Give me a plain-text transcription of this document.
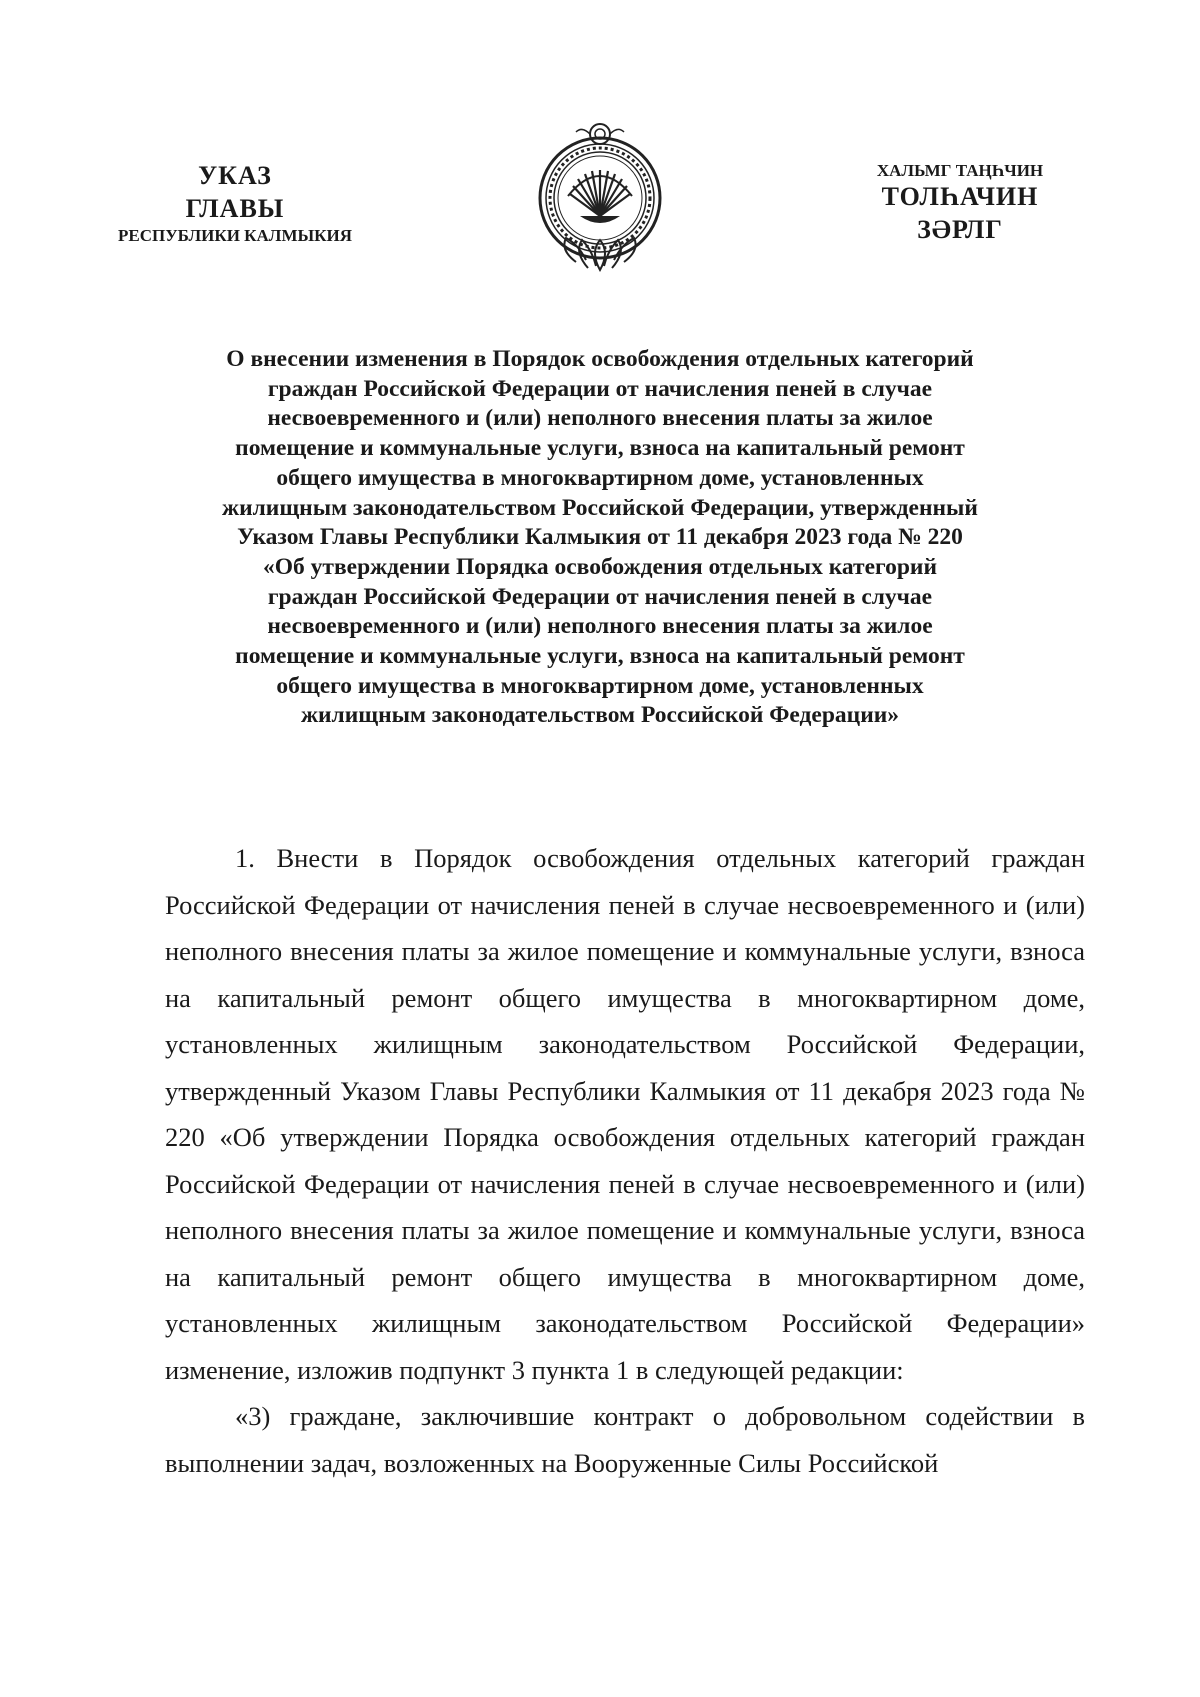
УКАЗ
ГЛАВЫ
РЕСПУБЛИКИ КАЛМЫКИЯ
ХАЛЬМГ ТАҢҺЧИН
ТОЛҺАЧИН
ЗӘРЛГ
О внесении изменения в Порядок освобождения отдельных категорий
граждан Российской Федерации от начисления пеней в случае
несвоевременного и (или) неполного внесения платы за жилое
помещение и коммунальные услуги, взноса на капитальный ремонт
общего имущества в многоквартирном доме, установленных
жилищным законодательством Российской Федерации, утвержденный
Указом Главы Республики Калмыкия от 11 декабря 2023 года № 220
«Об утверждении Порядка освобождения отдельных категорий
граждан Российской Федерации от начисления пеней в случае
несвоевременного и (или) неполного внесения платы за жилое
помещение и коммунальные услуги, взноса на капитальный ремонт
общего имущества в многоквартирном доме, установленных
жилищным законодательством Российской Федерации»

1. Внести в Порядок освобождения отдельных категорий граждан Российской Федерации от начисления пеней в случае несвоевременного и (или) неполного внесения платы за жилое помещение и коммунальные услуги, взноса на капитальный ремонт общего имущества в многоквартирном доме, установленных жилищным законодательством Российской Федерации, утвержденный Указом Главы Республики Калмыкия от 11 декабря 2023 года № 220 «Об утверждении Порядка освобождения отдельных категорий граждан Российской Федерации от начисления пеней в случае несвоевременного и (или) неполного внесения платы за жилое помещение и коммунальные услуги, взноса на капитальный ремонт общего имущества в многоквартирном доме, установленных жилищным законодательством Российской Федерации» изменение, изложив подпункт 3 пункта 1 в следующей редакции:

«3) граждане, заключившие контракт о добровольном содействии в выполнении задач, возложенных на Вооруженные Силы Российской
